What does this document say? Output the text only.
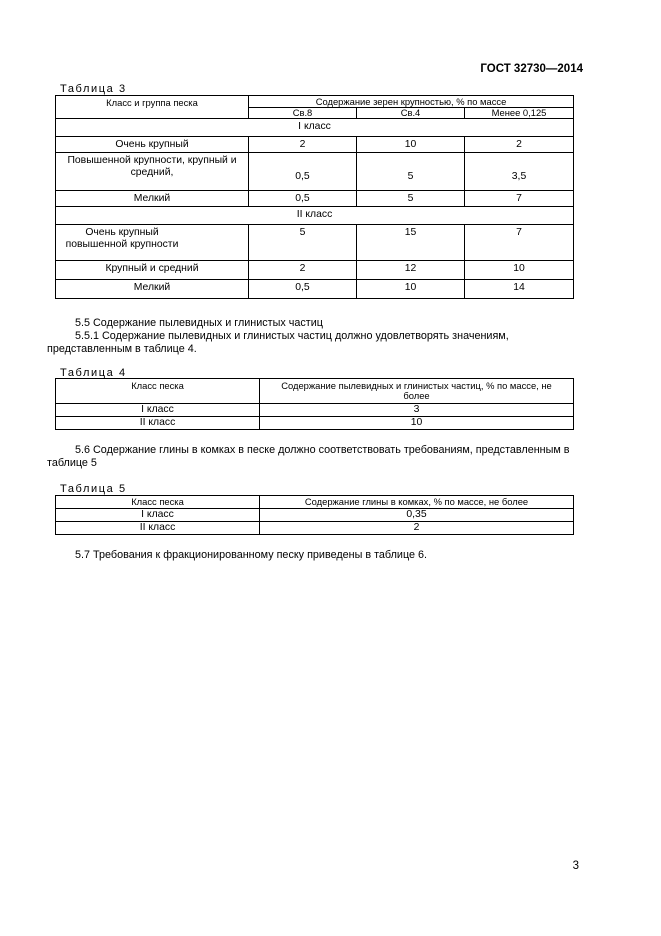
ГОСТ 32730—2014
Таблица 3
Класс и группа песка	Содержание зерен крупностью, % по массе		
	Св.8	Св.4	Менее 0,125
I класс			
Очень крупный	2	10	2
Повышенной крупности, крупный и средний,	0,5	5	3,5
Мелкий	0,5	5	7
II класс			
Очень крупный повышенной крупности	5	15	7
Крупный и средний	2	12	10
Мелкий	0,5	10	14
5.5 Содержание пылевидных и глинистых частиц
5.5.1 Содержание пылевидных и глинистых частиц должно удовлетворять значениям, представленным в таблице 4.
Таблица 4
Класс песка	Содержание пылевидных и глинистых частиц, % по массе, не более
I класс	3
II класс	10
5.6 Содержание глины в комках в песке должно соответствовать требованиям, представленным в таблице 5
Таблица 5
Класс песка	Содержание глины в комках, % по массе, не более
I класс	0,35
II класс	2
5.7 Требования к фракционированному песку приведены в таблице 6.
3
